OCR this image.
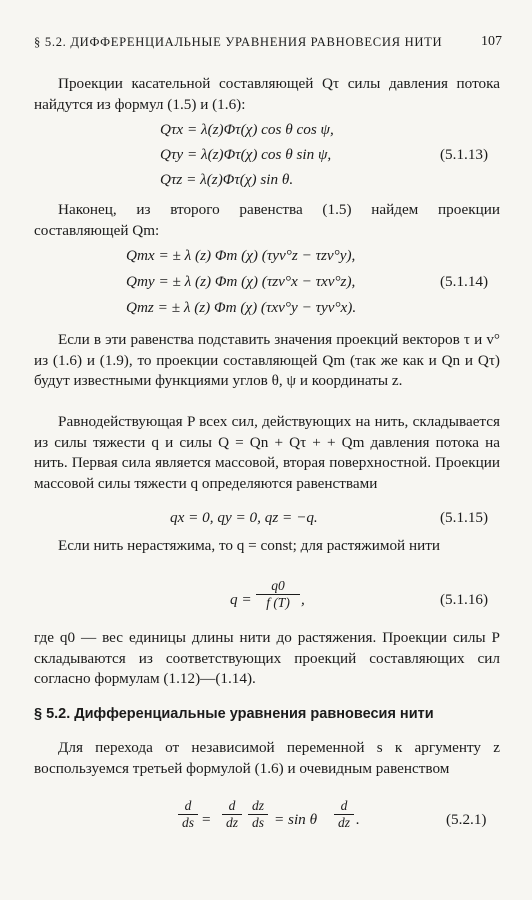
§ 5.2. ДИФФЕРЕНЦИАЛЬНЫЕ УРАВНЕНИЯ РАВНОВЕСИЯ НИТИ	107
Проекции касательной составляющей Qτ силы давления потока найдутся из формул (1.5) и (1.6):
Qτx = λ(z)Φτ(χ) cos θ cos ψ,
Qτy = λ(z)Φτ(χ) cos θ sin ψ,
Qτz = λ(z)Φτ(χ) sin θ.
(5.1.13)
Наконец, из второго равенства (1.5) найдем проекции составляющей Qm:
Qmx = ± λ (z) Φm (χ) (τyv°z − τzv°y),
Qmy = ± λ (z) Φm (χ) (τzv°x − τxv°z),
Qmz = ± λ (z) Φm (χ) (τxv°y − τyv°x).
(5.1.14)
Если в эти равенства подставить значения проекций векторов τ и v° из (1.6) и (1.9), то проекции составляющей Qm (так же как и Qn и Qτ) будут известными функциями углов θ, ψ и координаты z.
Равнодействующая P всех сил, действующих на нить, складывается из силы тяжести q и силы Q = Qn + Qτ + + Qm давления потока на нить. Первая сила является массовой, вторая поверхностной. Проекции массовой силы тяжести q определяются равенствами
qx = 0, qy = 0, qz = −q.	(5.1.15)
Если нить нерастяжима, то q = const; для растяжимой нити
q =
q0
f (T) ,	(5.1.16)
где q0 — вес единицы длины нити до растяжения. Проекции силы P складываются из соответствующих проекций составляющих сил согласно формулам (1.12)—(1.14).
§ 5.2. Дифференциальные уравнения равновесия нити
Для перехода от независимой переменной s к аргументу z воспользуемся третьей формулой (1.6) и очевидным равенством
d
ds =
d
dz
dz
ds = sin θ
d
dz .	(5.2.1)
